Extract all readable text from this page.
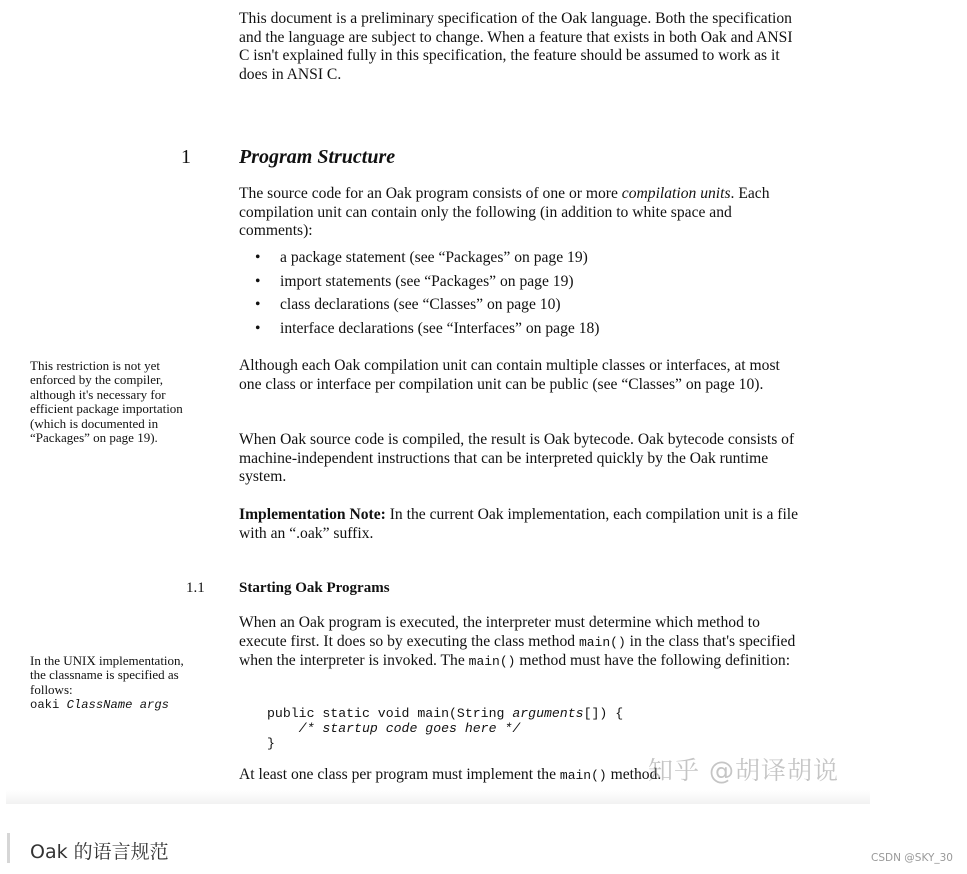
This document is a preliminary specification of the Oak language. Both the specification and the language are subject to change. When a feature that exists in both Oak and ANSI C isn't explained fully in this specification, the feature should be assumed to work as it does in ANSI C.

1 Program Structure

The source code for an Oak program consists of one or more compilation units. Each compilation unit can contain only the following (in addition to white space and comments):

• a package statement (see “Packages” on page 19)
• import statements (see “Packages” on page 19)
• class declarations (see “Classes” on page 10)
• interface declarations (see “Interfaces” on page 18)

This restriction is not yet enforced by the compiler, although it's necessary for efficient package importation (which is documented in “Packages” on page 19).

Although each Oak compilation unit can contain multiple classes or interfaces, at most one class or interface per compilation unit can be public (see “Classes” on page 10).

When Oak source code is compiled, the result is Oak bytecode. Oak bytecode consists of machine-independent instructions that can be interpreted quickly by the Oak runtime system.

Implementation Note: In the current Oak implementation, each compilation unit is a file with an “.oak” suffix.

1.1 Starting Oak Programs

When an Oak program is executed, the interpreter must determine which method to execute first. It does so by executing the class method main() in the class that's specified when the interpreter is invoked. The main() method must have the following definition:

In the UNIX implementation, the classname is specified as follows:
oaki ClassName args

public static void main(String arguments[]) {
/* startup code goes here */
}

At least one class per program must implement the main() method.

知乎 @胡译胡说
Oak 的语言规范	CSDN @SKY_30
